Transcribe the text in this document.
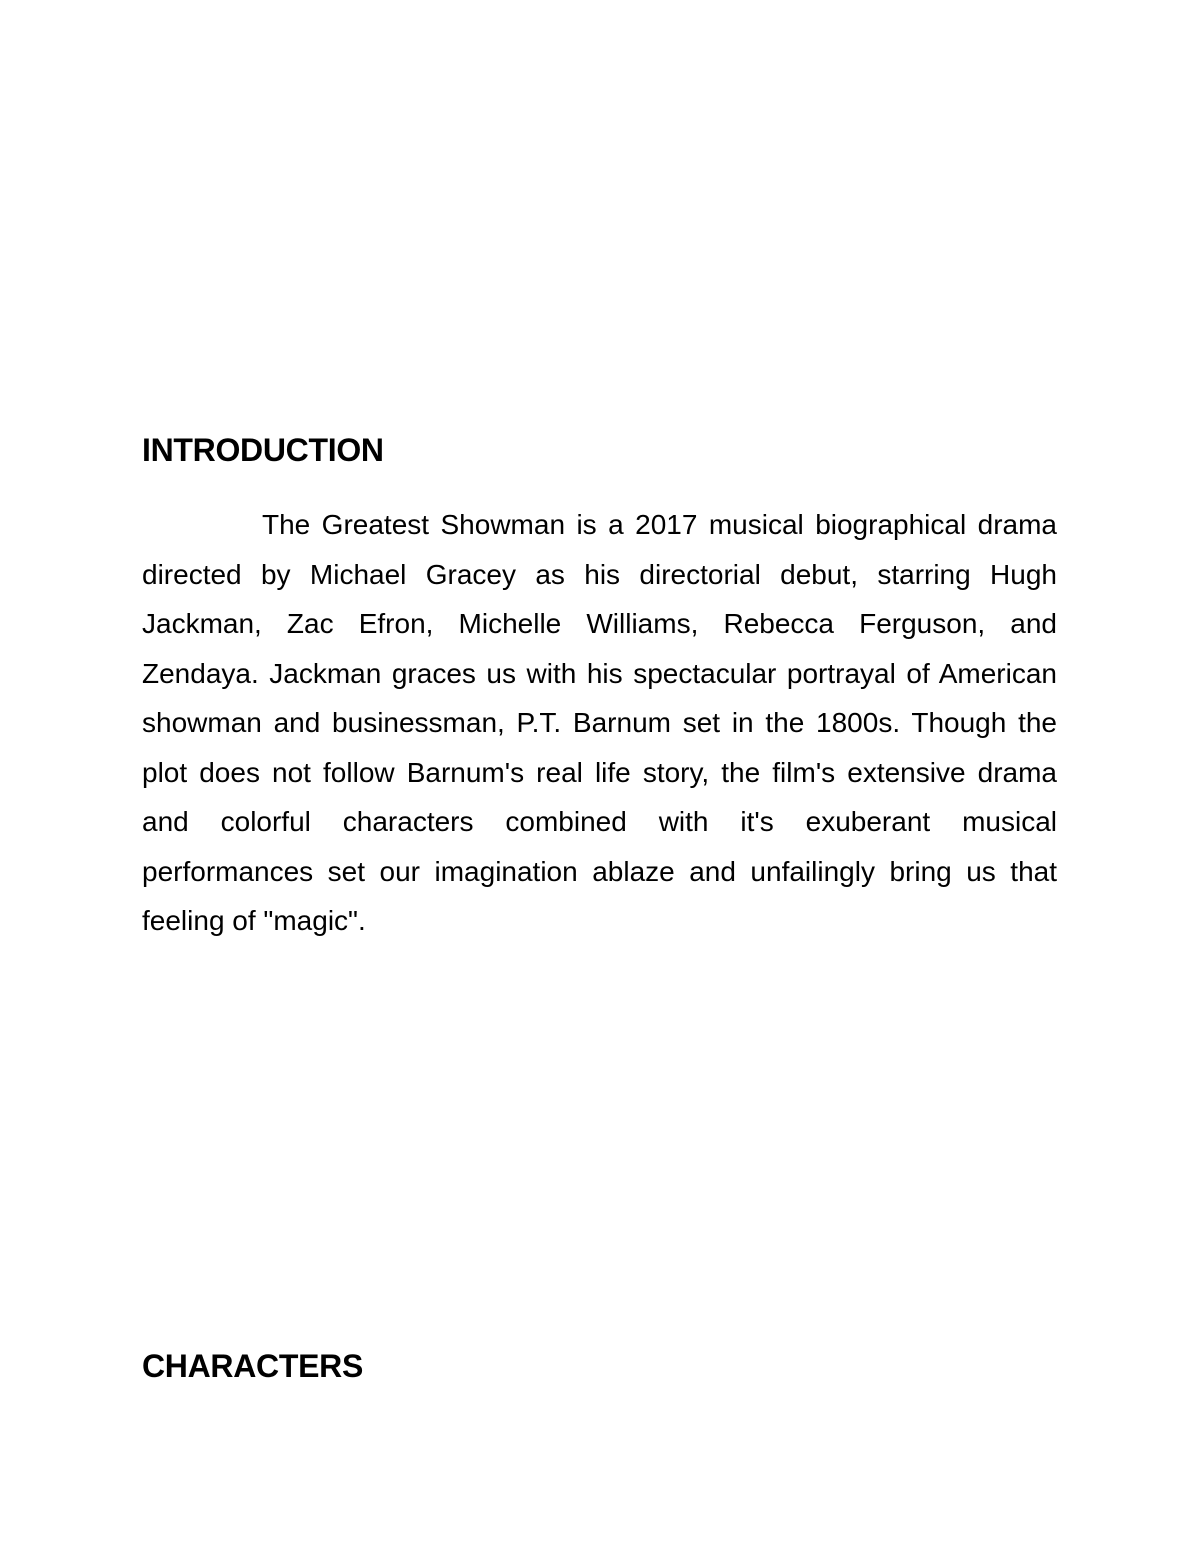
INTRODUCTION

The Greatest Showman is a 2017 musical biographical drama directed by Michael Gracey as his directorial debut, starring Hugh Jackman, Zac Efron, Michelle Williams, Rebecca Ferguson, and Zendaya. Jackman graces us with his spectacular portrayal of American showman and businessman, P.T. Barnum set in the 1800s. Though the plot does not follow Barnum's real life story, the film's extensive drama and colorful characters combined with it's exuberant musical performances set our imagination ablaze and unfailingly bring us that feeling of "magic".

CHARACTERS
